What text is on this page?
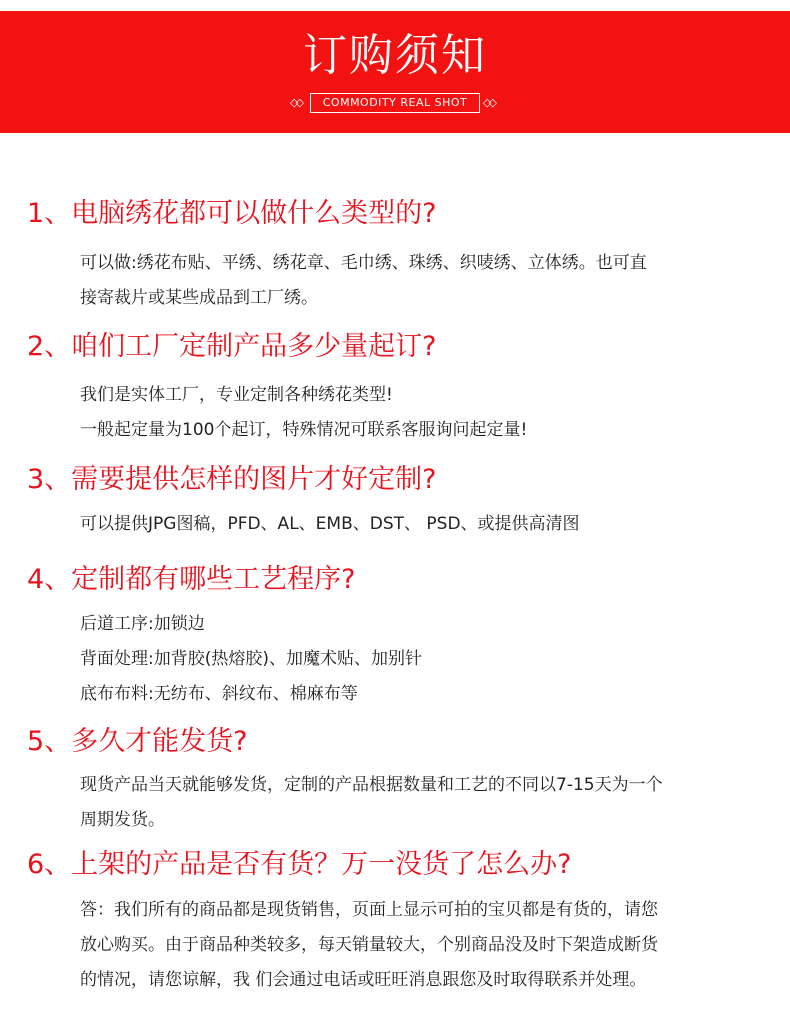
订购须知
◇◇	COMMODITY REAL SHOT	◇◇
1、电脑绣花都可以做什么类型的?
可以做:绣花布贴、平绣、绣花章、毛巾绣、珠绣、织唛绣、立体绣。也可直
接寄裁片或某些成品到工厂绣。
2、咱们工厂定制产品多少量起订?
我们是实体工厂，专业定制各种绣花类型!
一般起定量为100个起订，特殊情况可联系客服询问起定量!
3、需要提供怎样的图片才好定制?
可以提供JPG图稿，PFD、AL、EMB、DST、 PSD、或提供高清图
4、定制都有哪些工艺程序?
后道工序:加锁边
背面处理:加背胶(热熔胶)、加魔术贴、加别针
底布布料:无纺布、斜纹布、棉麻布等
5、多久才能发货?
现货产品当天就能够发货，定制的产品根据数量和工艺的不同以7-15天为一个
周期发货。
6、上架的产品是否有货？万一没货了怎么办?
答：我们所有的商品都是现货销售，页面上显示可拍的宝贝都是有货的，请您
放心购买。由于商品种类较多，每天销量较大，个别商品没及时下架造成断货
的情况，请您谅解，我 们会通过电话或旺旺消息跟您及时取得联系并处理。
